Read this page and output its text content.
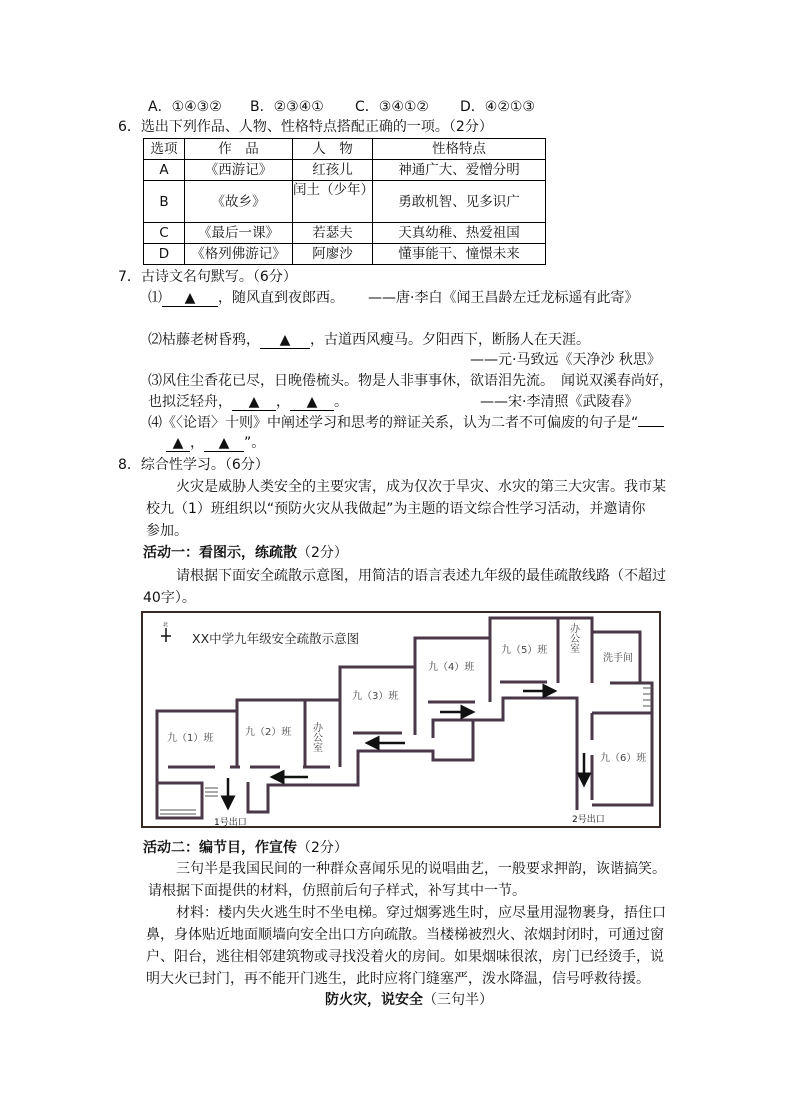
A．①④③② B．②③④① C．③④①② D．④②①③
6．选出下列作品、人物、性格特点搭配正确的一项。（2分）
选项	作　品	人　物	性格特点
A	《西游记》	红孩儿	神通广大、爱憎分明
B	《故乡》	闰土（少年）	勇敢机智、见多识广
C	《最后一课》	若瑟夫	天真幼稚、热爱祖国
D	《格列佛游记》	阿廖沙	懂事能干、憧憬未来
7．古诗文名句默写。（6分）
⑴ ▲ ，随风直到夜郎西。 ——唐·李白《闻王昌龄左迁龙标遥有此寄》
⑵枯藤老树昏鸦， ▲ ，古道西风瘦马。夕阳西下，断肠人在天涯。
——元·马致远《天净沙 秋思》
⑶风住尘香花已尽，日晚倦梳头。物是人非事事休，欲语泪先流。　闻说双溪春尚好，
也拟泛轻舟， ▲ ， ▲ 。	——宋·李清照《武陵春》
⑷《〈论语〉十则》中阐述学习和思考的辩证关系，认为二者不可偏废的句子是“
▲ ， ▲ ”。
8．综合性学习。（6分）
火灾是威胁人类安全的主要灾害，成为仅次于旱灾、水灾的第三大灾害。我市某
校九（1）班组织以“预防火灾从我做起”为主题的语文综合性学习活动，并邀请你
参加。
活动一：看图示，练疏散（2分）
请根据下面安全疏散示意图，用简洁的语言表述九年级的最佳疏散线路（不超过
40字）。
北
XX中学九年级安全疏散示意图
九（1）班
九（2）班 办公室
九（3）班
九（4）班
九（5）班 办公室
洗手间
九（6）班
1号出口	2号出口
活动二：编节目，作宣传（2分）
三句半是我国民间的一种群众喜闻乐见的说唱曲艺，一般要求押韵，诙谐搞笑。
请根据下面提供的材料，仿照前后句子样式，补写其中一节。
材料：楼内失火逃生时不坐电梯。穿过烟雾逃生时，应尽量用湿物裹身，捂住口
鼻，身体贴近地面顺墙向安全出口方向疏散。当楼梯被烈火、浓烟封闭时，可通过窗
户、阳台，逃往相邻建筑物或寻找没着火的房间。如果烟味很浓，房门已经烫手，说
明大火已封门，再不能开门逃生，此时应将门缝塞严，泼水降温，信号呼救待援。
防火灾，说安全（三句半）
